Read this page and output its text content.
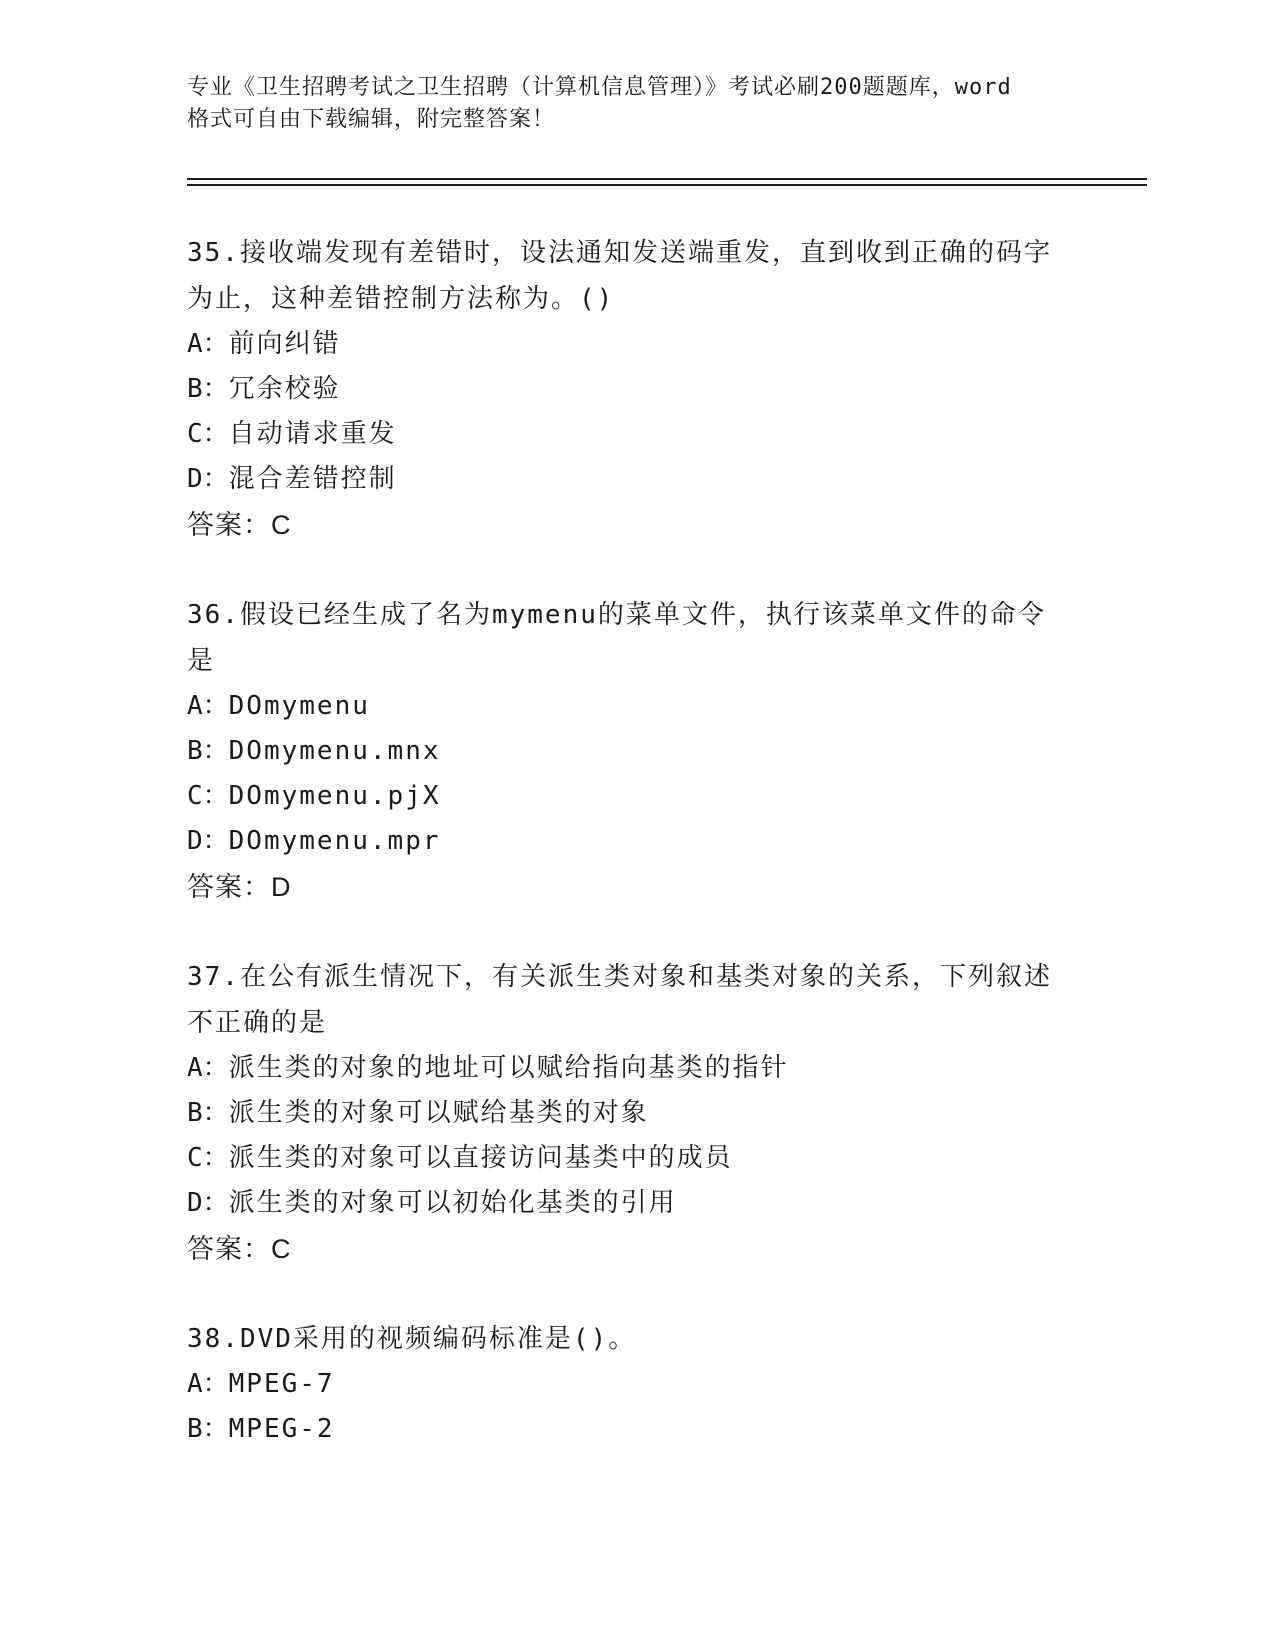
专业《卫生招聘考试之卫生招聘（计算机信息管理）》考试必刷200题题库，word
格式可自由下载编辑，附完整答案！
35.接收端发现有差错时，设法通知发送端重发，直到收到正确的码字
为止，这种差错控制方法称为。()
A：前向纠错
B：冗余校验
C：自动请求重发
D：混合差错控制
答案：C
36.假设已经生成了名为mymenu的菜单文件，执行该菜单文件的命令
是
A：DOmymenu
B：DOmymenu.mnx
C：DOmymenu.pjX
D：DOmymenu.mpr
答案：D
37.在公有派生情况下，有关派生类对象和基类对象的关系，下列叙述
不正确的是
A：派生类的对象的地址可以赋给指向基类的指针
B：派生类的对象可以赋给基类的对象
C：派生类的对象可以直接访问基类中的成员
D：派生类的对象可以初始化基类的引用
答案：C
38.DVD采用的视频编码标准是()。
A：MPEG-7
B：MPEG-2
